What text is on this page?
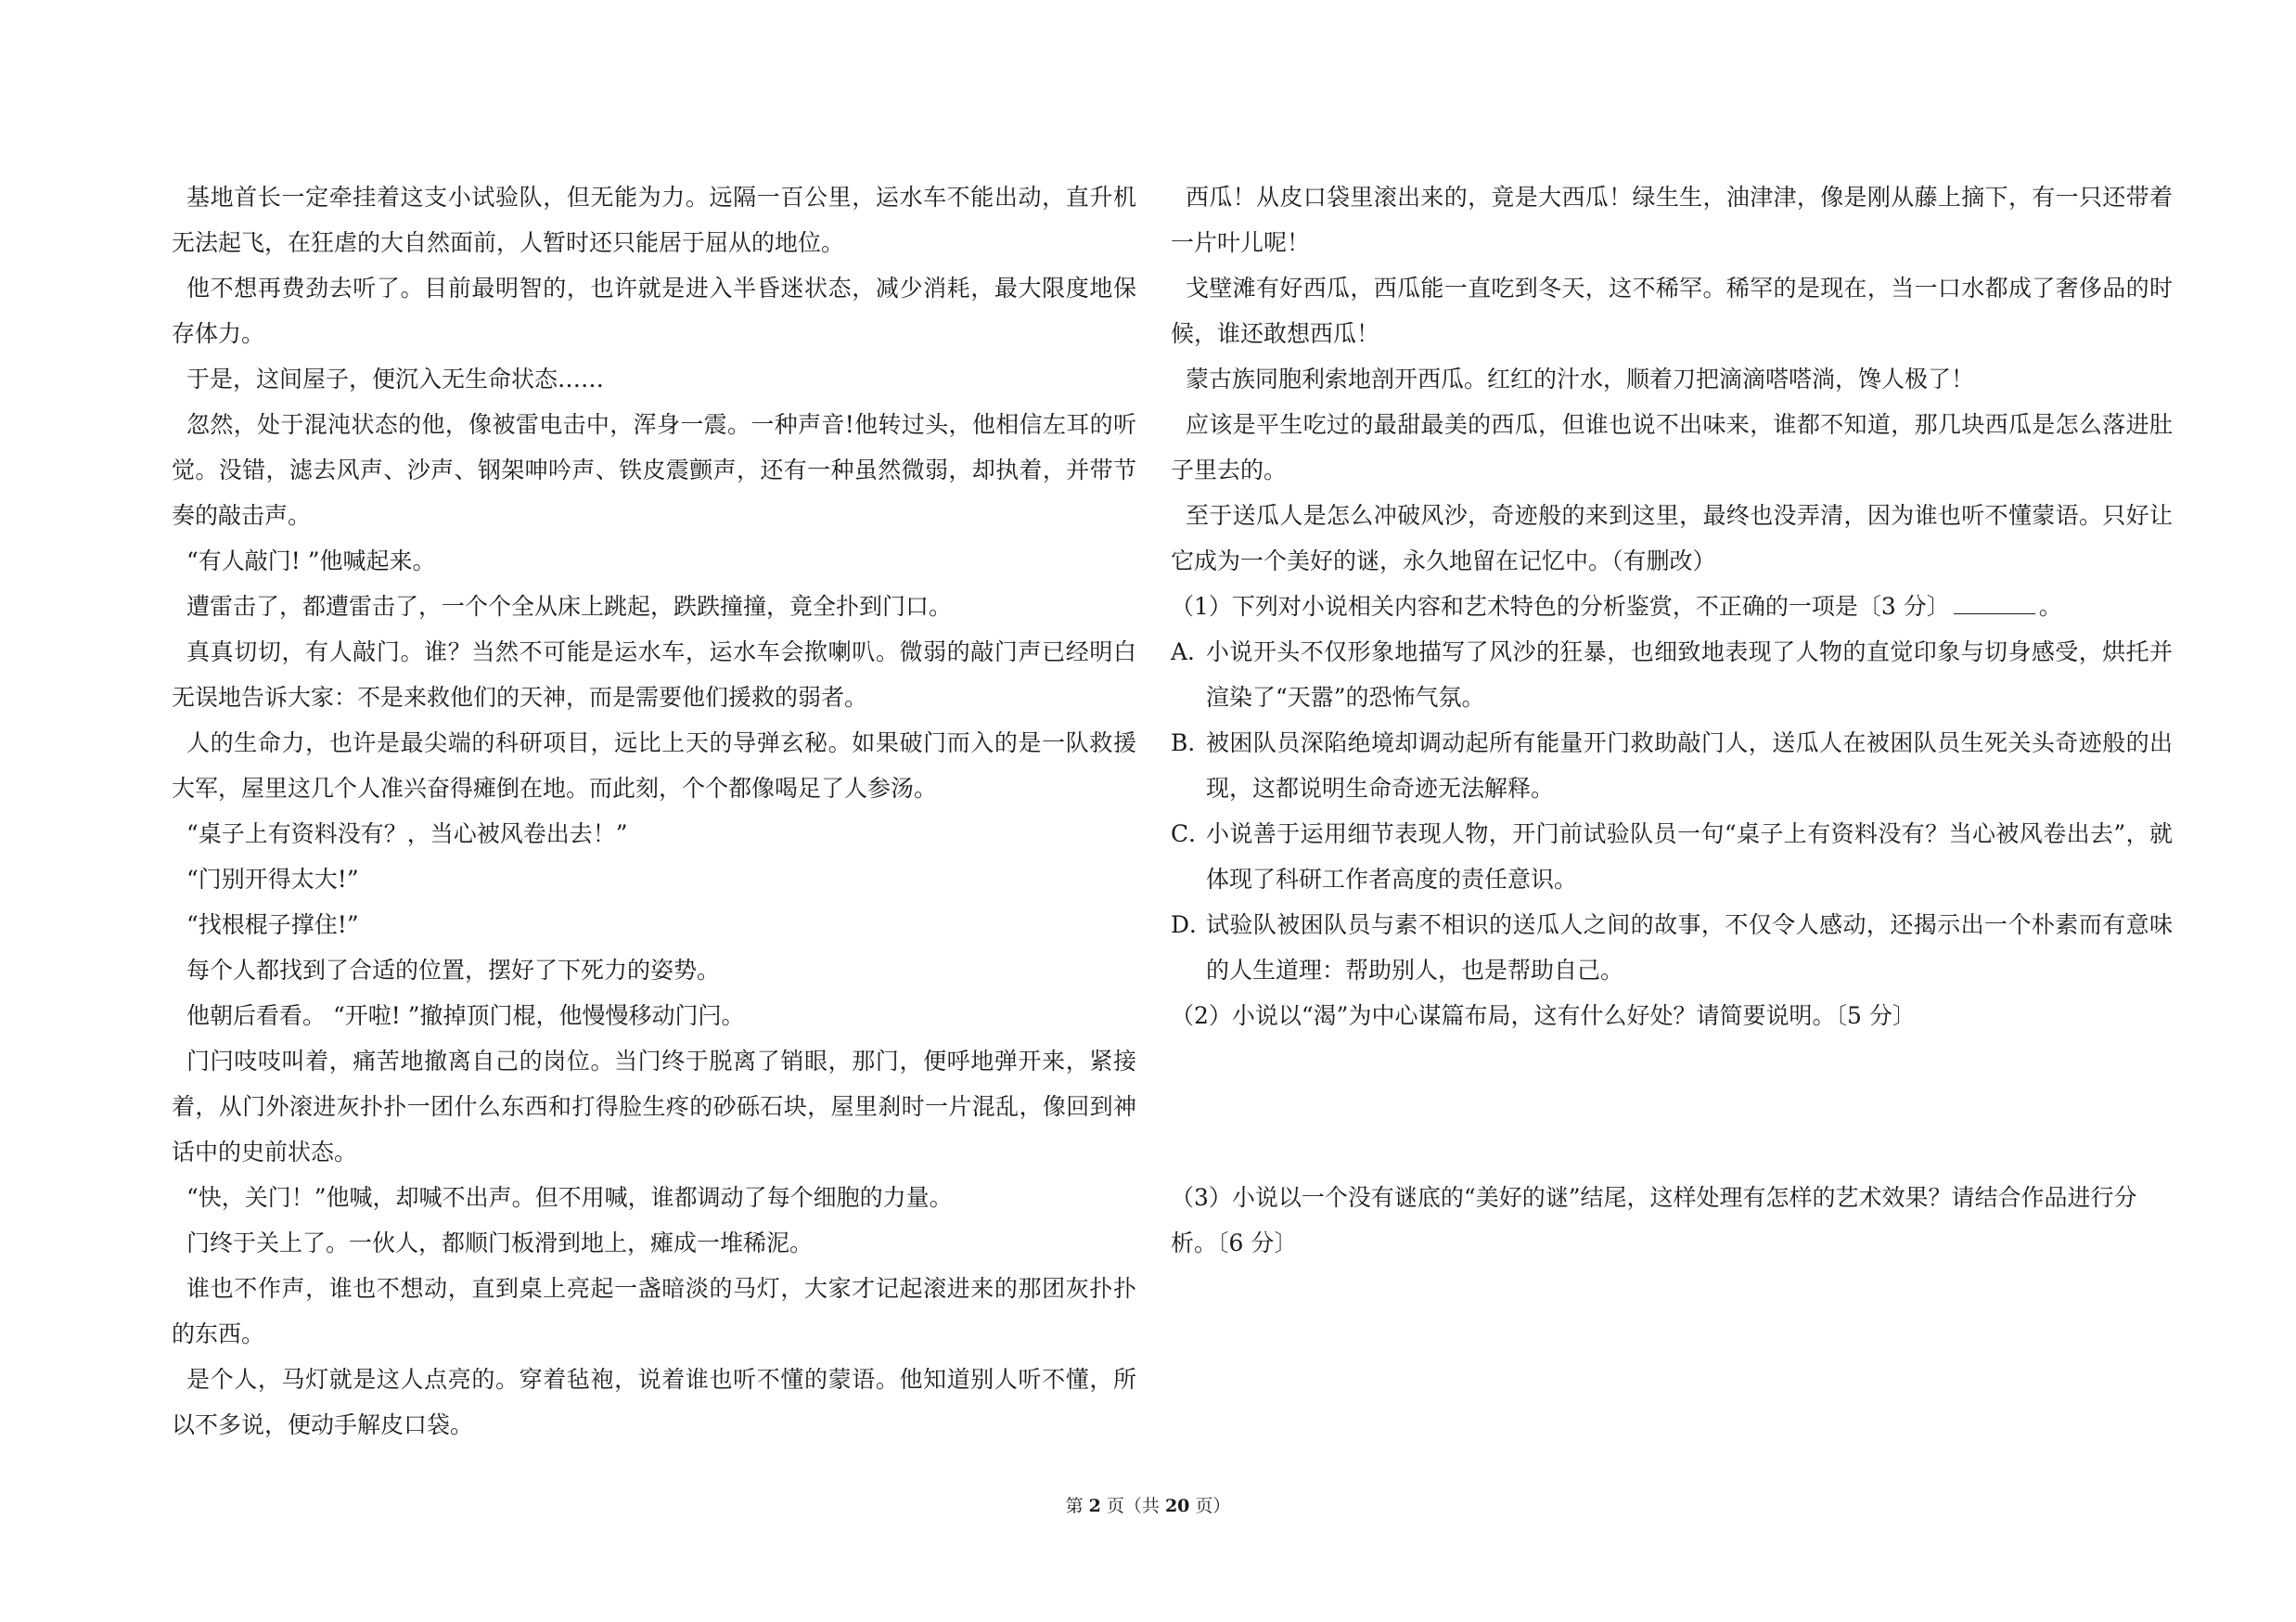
基地首长一定牵挂着这支小试验队，但无能为力。远隔一百公里，运水车不能出动，直升机无法起飞，在狂虐的大自然面前，人暂时还只能居于屈从的地位。

他不想再费劲去听了。目前最明智的，也许就是进入半昏迷状态，减少消耗，最大限度地保存体力。

于是，这间屋子，便沉入无生命状态……

忽然，处于混沌状态的他，像被雷电击中，浑身一震。一种声音!他转过头，他相信左耳的听觉。没错，滤去风声、沙声、钢架呻吟声、铁皮震颤声，还有一种虽然微弱，却执着，并带节奏的敲击声。

“有人敲门! ”他喊起来。

遭雷击了，都遭雷击了，一个个全从床上跳起，跌跌撞撞，竟全扑到门口。

真真切切，有人敲门。谁？当然不可能是运水车，运水车会揿喇叭。微弱的敲门声已经明白无误地告诉大家：不是来救他们的天神，而是需要他们援救的弱者。

人的生命力，也许是最尖端的科研项目，远比上天的导弹玄秘。如果破门而入的是一队救援大军，屋里这几个人准兴奋得瘫倒在地。而此刻，个个都像喝足了人参汤。

“桌子上有资料没有？，当心被风卷出去！”

“门别开得太大!”

“找根棍子撑住!”

每个人都找到了合适的位置，摆好了下死力的姿势。

他朝后看看。 “开啦! ”撤掉顶门棍，他慢慢移动门闩。

门闩吱吱叫着，痛苦地撤离自己的岗位。当门终于脱离了销眼，那门，便呼地弹开来，紧接着，从门外滚进灰扑扑一团什么东西和打得脸生疼的砂砾石块，屋里刹时一片混乱，像回到神话中的史前状态。

“快，关门！”他喊，却喊不出声。但不用喊，谁都调动了每个细胞的力量。

门终于关上了。一伙人，都顺门板滑到地上，瘫成一堆稀泥。

谁也不作声，谁也不想动，直到桌上亮起一盏暗淡的马灯，大家才记起滚进来的那团灰扑扑的东西。

是个人，马灯就是这人点亮的。穿着毡袍，说着谁也听不懂的蒙语。他知道别人听不懂，所以不多说，便动手解皮口袋。

西瓜！从皮口袋里滚出来的，竟是大西瓜！绿生生，油津津，像是刚从藤上摘下，有一只还带着一片叶儿呢！

戈壁滩有好西瓜，西瓜能一直吃到冬天，这不稀罕。稀罕的是现在，当一口水都成了奢侈品的时候，谁还敢想西瓜！

蒙古族同胞利索地剖开西瓜。红红的汁水，顺着刀把滴滴嗒嗒淌，馋人极了！

应该是平生吃过的最甜最美的西瓜，但谁也说不出味来，谁都不知道，那几块西瓜是怎么落进肚子里去的。

至于送瓜人是怎么冲破风沙，奇迹般的来到这里，最终也没弄清，因为谁也听不懂蒙语。只好让它成为一个美好的谜，永久地留在记忆中。（有删改）

（1）下列对小说相关内容和艺术特色的分析鉴赏，不正确的一项是〔3 分〕	。

A．
小说开头不仅形象地描写了风沙的狂暴，也细致地表现了人物的直觉印象与切身感受，烘托并渲染了“天嚣”的恐怖气氛。

B．
被困队员深陷绝境却调动起所有能量开门救助敲门人，送瓜人在被困队员生死关头奇迹般的出现，这都说明生命奇迹无法解释。

C．
小说善于运用细节表现人物，开门前试验队员一句“桌子上有资料没有？当心被风卷出去”，就体现了科研工作者高度的责任意识。

D．
试验队被困队员与素不相识的送瓜人之间的故事，不仅令人感动，还揭示出一个朴素而有意味的人生道理：帮助别人，也是帮助自己。

（2）小说以“渴”为中心谋篇布局，这有什么好处？请简要说明。〔5 分〕

（3）小说以一个没有谜底的“美好的谜”结尾，这样处理有怎样的艺术效果？请结合作品进行分析。〔6 分〕

第 2 页（共 20 页）
